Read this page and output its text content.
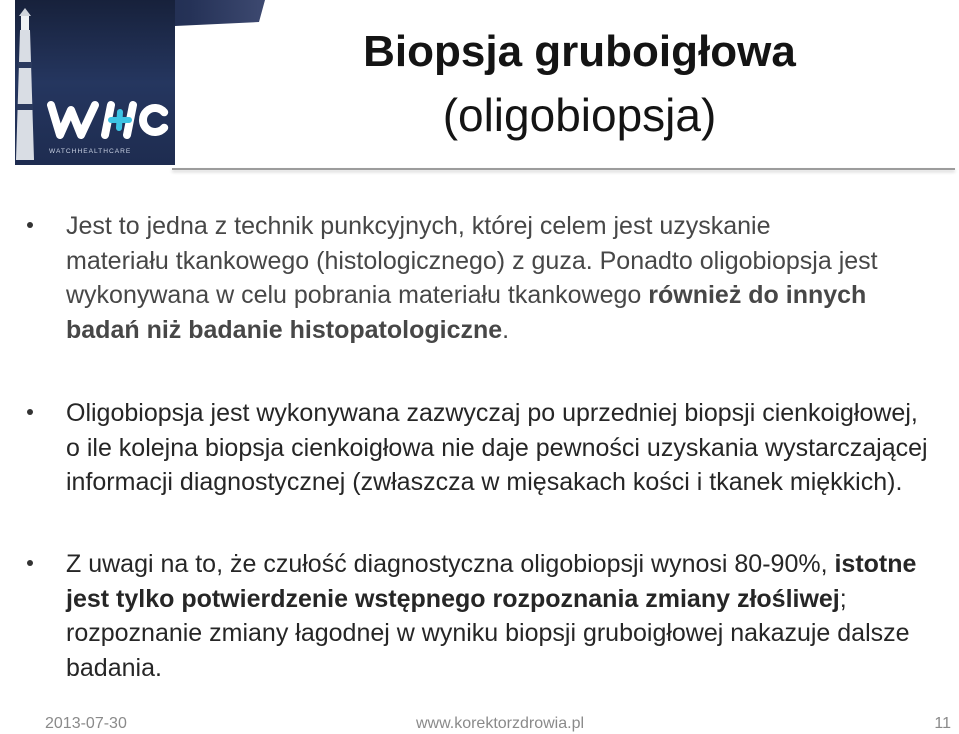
WATCHHEALTHCARE
Biopsja gruboigłowa
(oligobiopsja)
Jest to jedna z technik punkcyjnych, której celem jest uzyskanie
materiału tkankowego (histologicznego) z guza. Ponadto oligobiopsja jest
wykonywana w celu pobrania materiału tkankowego również do innych
badań niż badanie histopatologiczne.
Oligobiopsja jest wykonywana zazwyczaj po uprzedniej biopsji cienkoigłowej,
o ile kolejna biopsja cienkoigłowa nie daje pewności uzyskania wystarczającej
informacji diagnostycznej (zwłaszcza w mięsakach kości i tkanek miękkich).
Z uwagi na to, że czułość diagnostyczna oligobiopsji wynosi 80-90%, istotne
jest tylko potwierdzenie wstępnego rozpoznania zmiany złośliwej;
rozpoznanie zmiany łagodnej w wyniku biopsji gruboigłowej nakazuje dalsze
badania.
2013-07-30	www.korektorzdrowia.pl	11
